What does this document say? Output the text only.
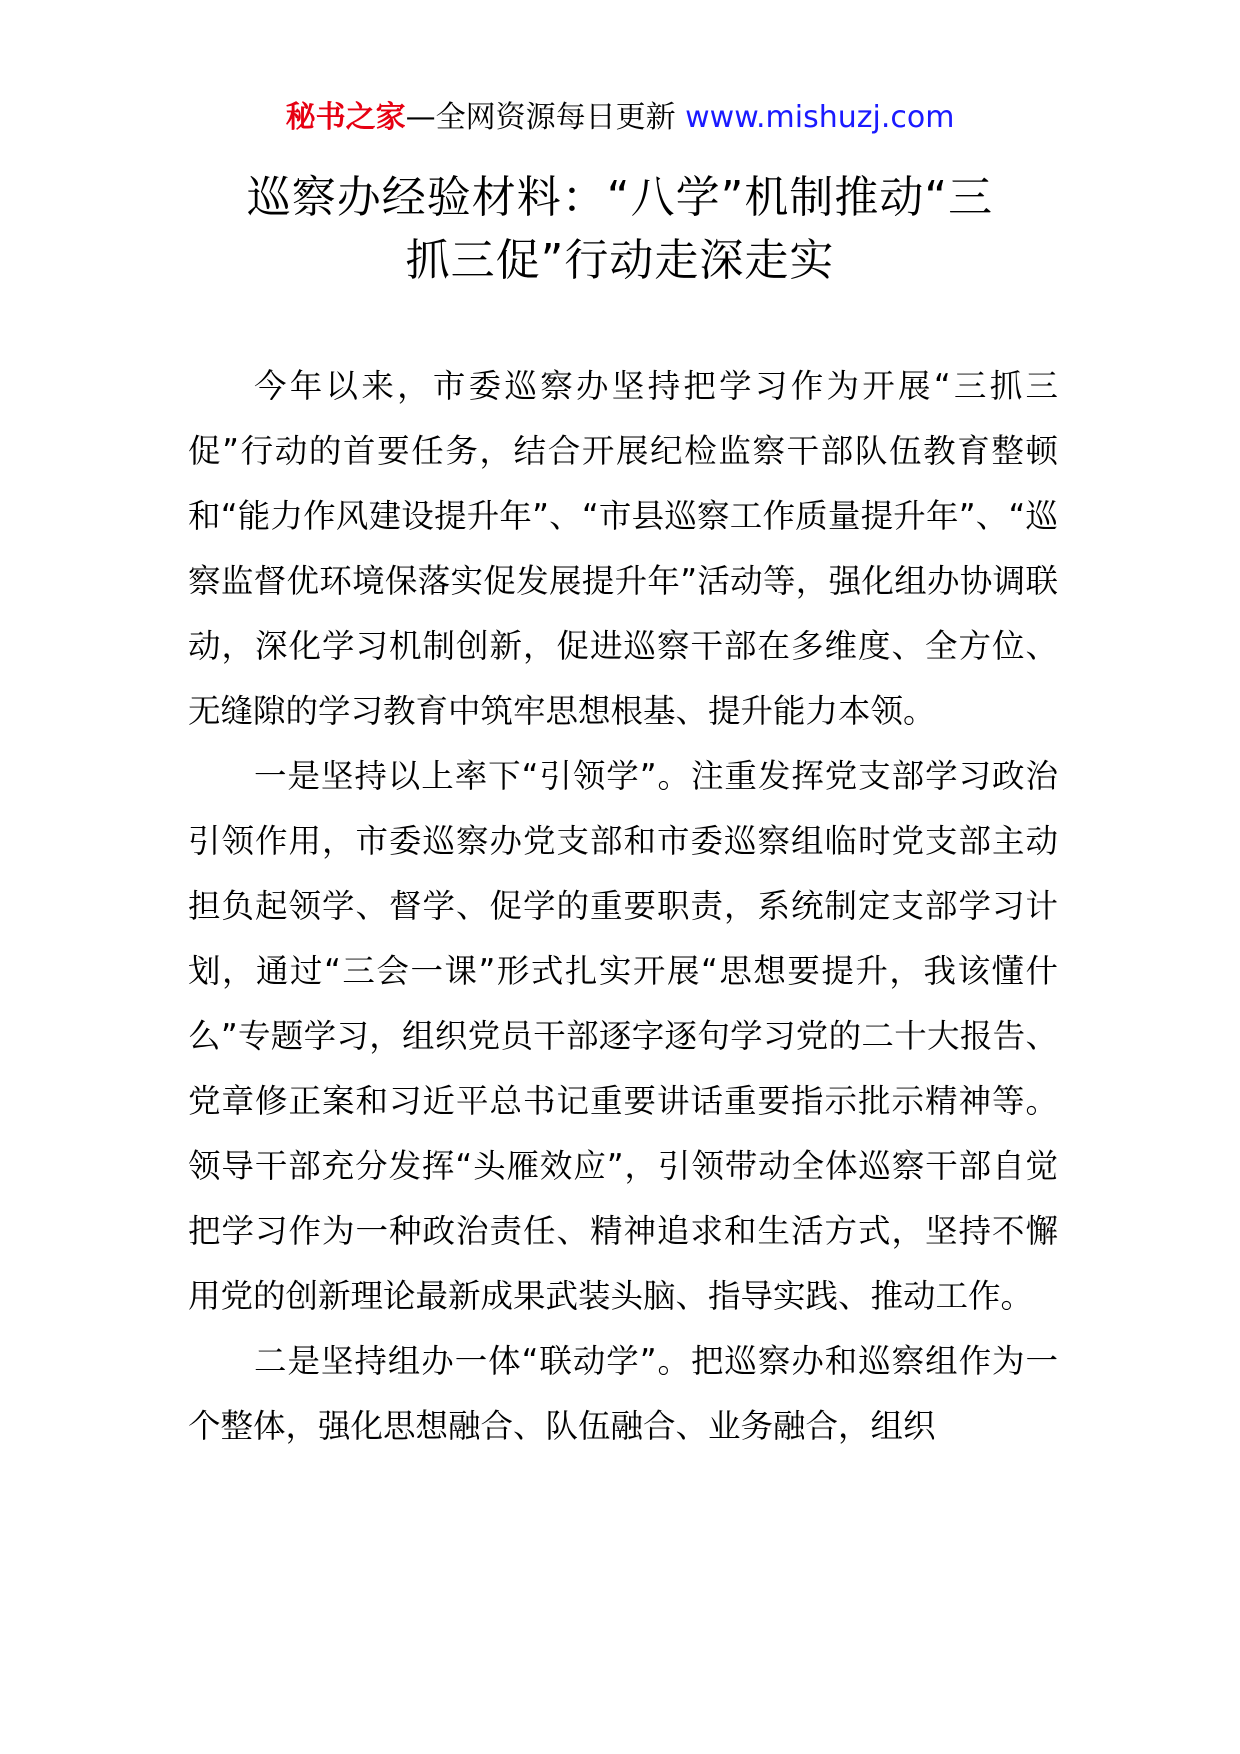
秘书之家—全网资源每日更新 www.mishuzj.com
巡察办经验材料：“八学”机制推动“三
抓三促”行动走深走实

今年以来，市委巡察办坚持把学习作为开展“三抓三促”行动的首要任务，结合开展纪检监察干部队伍教育整顿和“能力作风建设提升年”、“市县巡察工作质量提升年”、“巡察监督优环境保落实促发展提升年”活动等，强化组办协调联动，深化学习机制创新，促进巡察干部在多维度、全方位、无缝隙的学习教育中筑牢思想根基、提升能力本领。

一是坚持以上率下“引领学”。注重发挥党支部学习政治引领作用，市委巡察办党支部和市委巡察组临时党支部主动担负起领学、督学、促学的重要职责，系统制定支部学习计划，通过“三会一课”形式扎实开展“思想要提升，我该懂什么”专题学习，组织党员干部逐字逐句学习党的二十大报告、党章修正案和习近平总书记重要讲话重要指示批示精神等。领导干部充分发挥“头雁效应”，引领带动全体巡察干部自觉把学习作为一种政治责任、精神追求和生活方式，坚持不懈用党的创新理论最新成果武装头脑、指导实践、推动工作。

二是坚持组办一体“联动学”。把巡察办和巡察组作为一个整体，强化思想融合、队伍融合、业务融合，组织
